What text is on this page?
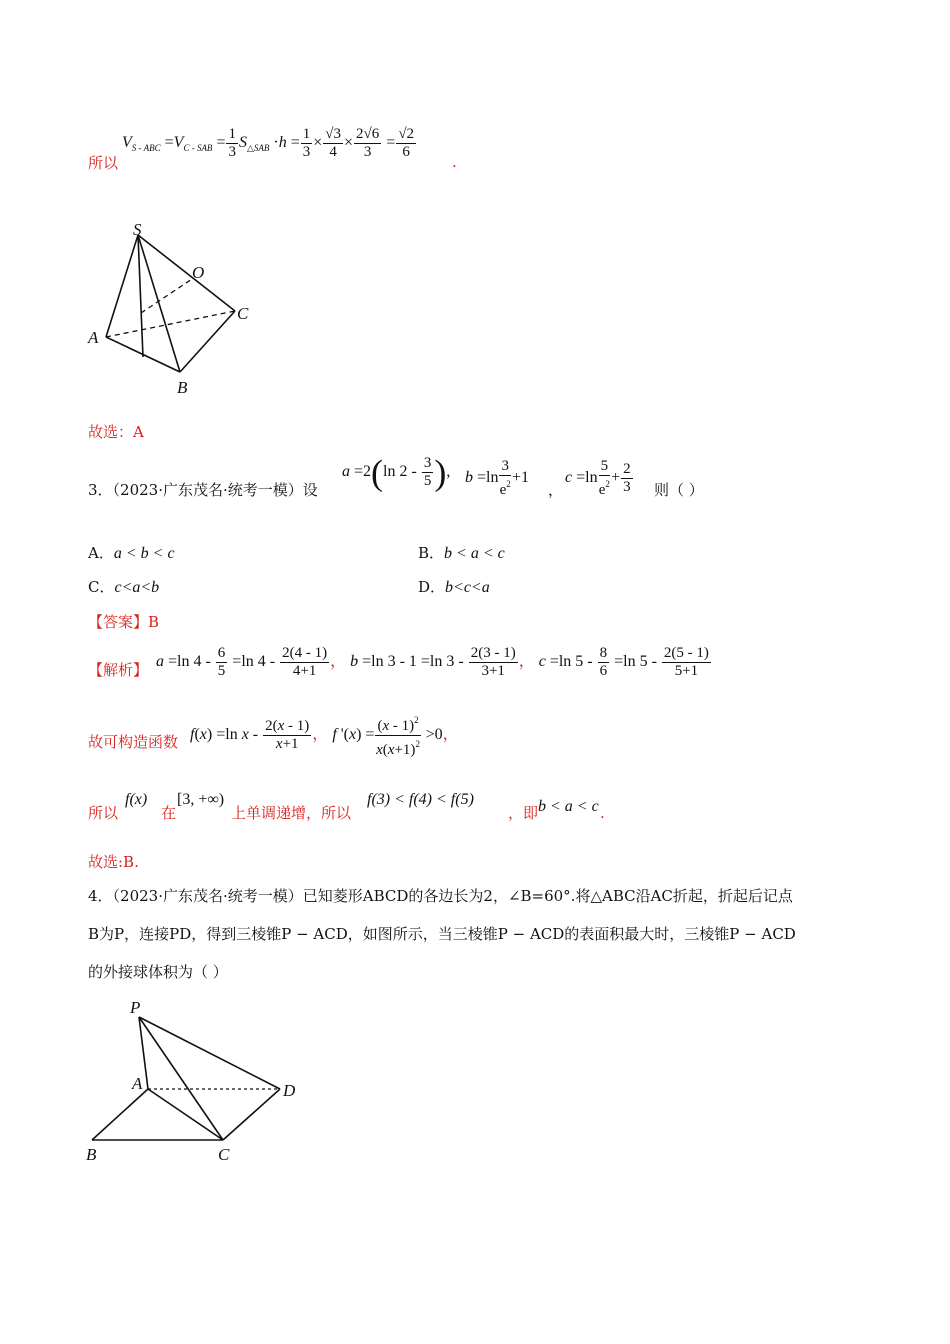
所以
$V_{S - ABC} =V_{C - SAB} = \frac{1}{3} S_{\triangle SAB} \cdot h = \frac{1}{3} \times \frac{√3}{4} \times \frac{2√6}{3} = \frac{√2}{6}$
.
S
O
C
A
B
故选：A
3．（2023·广东茂名·统考一模）设
a =2(ln $2 - \frac{3}{5}$ ), $b =\ln \frac{3}{e^2} +1$
，
$c =\ln \frac{5}{e^2} + \frac{2}{3}$ 则（ ）
A．a < b < c	B．b < a < c
C．c<a<b	D．b<c<a
【答案】B
【解析】 a =ln $4 - \frac{6}{5} =\ln$ $4 - \frac{2(4 - 1)}{4+1}$ ， b =ln 3 - 1 =ln $3 - \frac{2(3 - 1)}{3+1}$ ， c =ln $5 - \frac{8}{6} =\ln$ $5 - \frac{2(5 - 1)}{5+1}$
故可构造函数 f(x) =ln x - $\frac{2(x - 1)}{x+1}$ ， f '$(x) = \frac{(x - 1)^2}{x(x+1)^2} >0$，
所以
f(x)
在
[3, +∞)
上单调递增，所以
f(3) < f(4) < f(5)
，即 b < a < c .
故选:B.
4．（2023·广东茂名·统考一模）已知菱形ABCD的各边长为2，∠B=60°.将△ABC沿AC折起，折起后记点
B为P，连接PD，得到三棱锥P − ACD，如图所示，当三棱锥P − ACD的表面积最大时，三棱锥P − ACD
的外接球体积为（ ）
P
A	D
B	C
